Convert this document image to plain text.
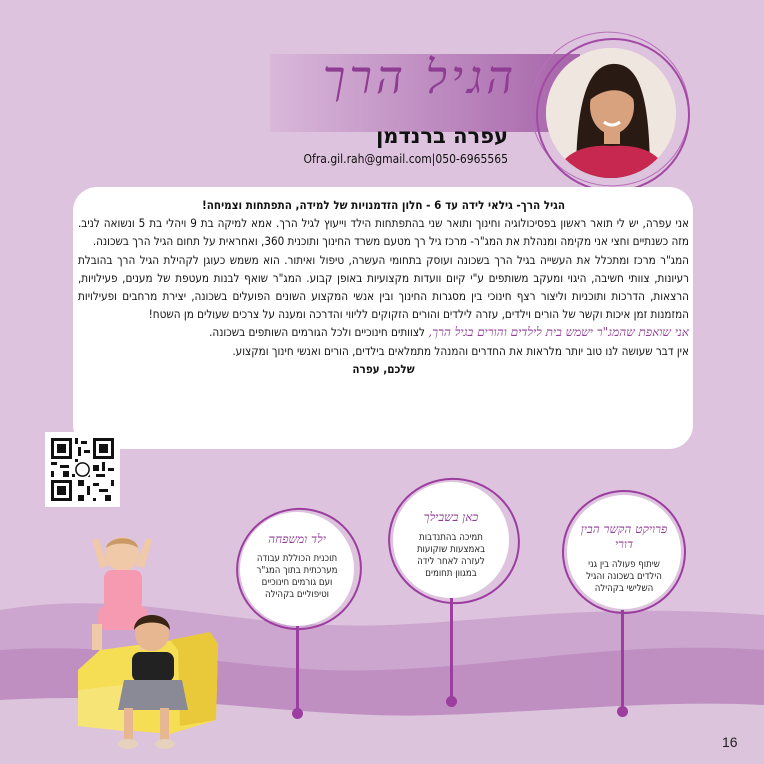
הגיל הרך
עפרה ברנדמן
Ofra.gil.rah@gmail.com|050-6965565

הגיל הרך- גילאי לידה עד 6 - חלון הזדמנויות של למידה, התפתחות וצמיחה!

אני עפרה, יש לי תואר ראשון בפסיכולוגיה וחינוך ותואר שני בהתפתחות הילד וייעוץ לגיל הרך. אמא למיקה בת 9 ויהלי בת 5 ונשואה לניב. מזה כשנתיים וחצי אני מקימה ומנהלת את המג"ר- מרכז גיל רך מטעם משרד החינוך ותוכנית 360, ואחראית על תחום הגיל הרך בשכונה.

המג"ר מרכז ומתכלל את העשייה בגיל הרך בשכונה ועוסק בתחומי העשרה, טיפול ואיתור. הוא משמש כעוגן לקהילת הגיל הרך בהובלת רעיונות, צוותי חשיבה, היגוי ומעקב משותפים ע"י קיום וועדות מקצועיות באופן קבוע. המג"ר שואף לבנות מעטפת של מענים, פעילויות, הרצאות, הדרכות ותוכניות וליצור רצף חינוכי בין מסגרות החינוך ובין אנשי המקצוע השונים הפועלים בשכונה, יצירת מרחבים ופעילויות המזמנות זמן איכות וקשר של הורים וילדים, עזרה לילדים והורים הזקוקים לליווי והדרכה ומענה על צרכים שעולים מן השטח!

אני שואפת שהמג"ר ישמש בית לילדים והורים בגיל הרך, לצוותים חינוכיים ולכל הגורמים השותפים בשכונה.

אין דבר שעושה לנו טוב יותר מלראות את החדרים והמנהל מתמלאים בילדים, הורים ואנשי חינוך ומקצוע.

שלכם, עפרה

פרויקט הקשר הבין דורי
שיתוף פעולה בין גני הילדים בשכונה והגיל השלישי בקהילה
כאן בשבילך
תמיכה בהתנדבות באמצעות שוקועות לעזרה לאחר לידה במגוון תחומים
ילד ומשפחה
תוכנית הכוללת עבודה מערכתית בתוך המג"ר ועם גורמים חינוכיים וטיפוליים בקהילה
16
